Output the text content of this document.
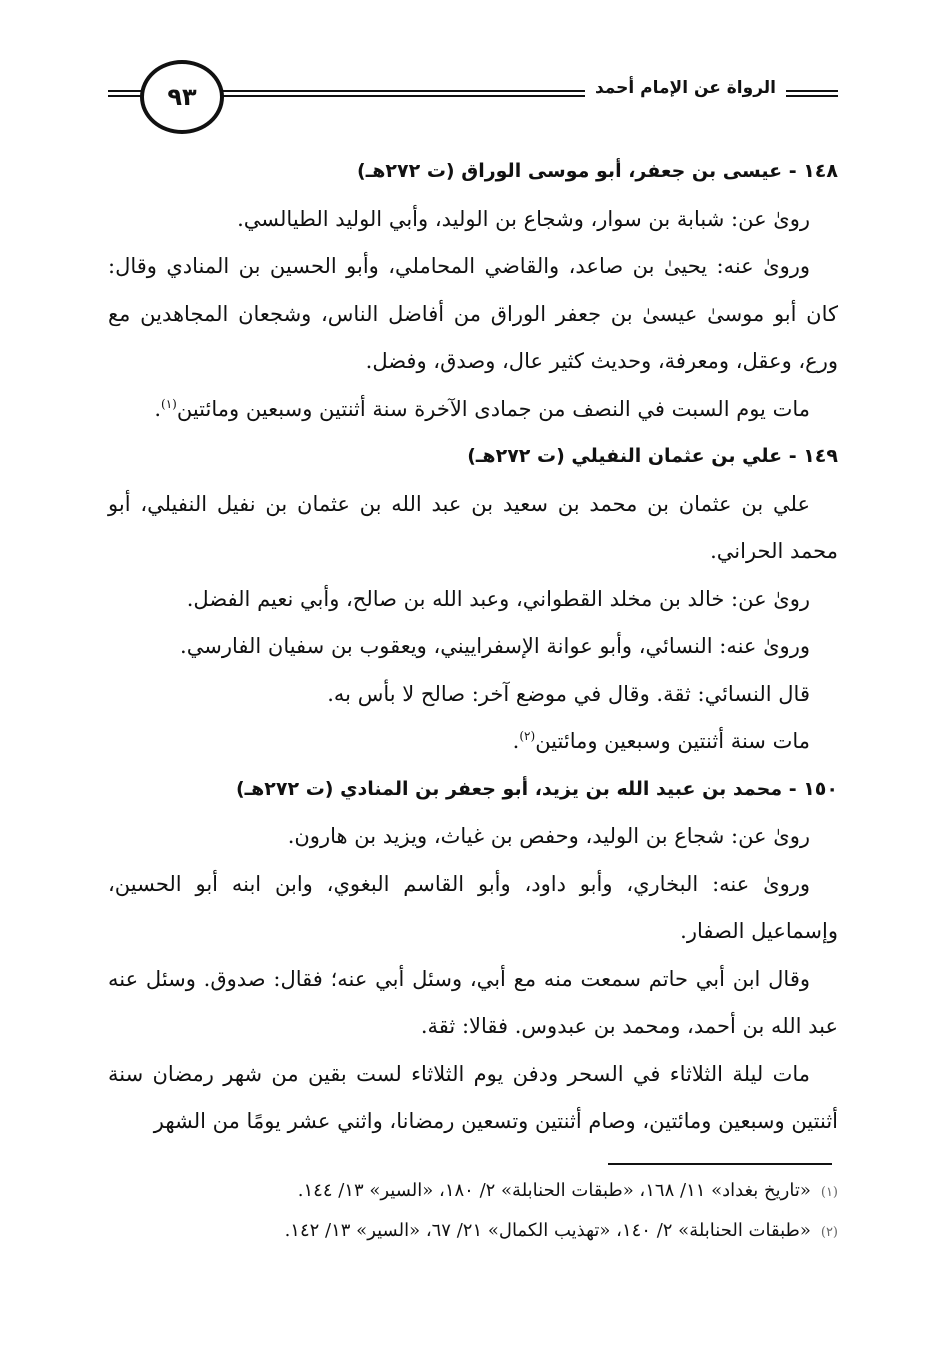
٩٣	الرواة عن الإمام أحمد
١٤٨ - عيسى بن جعفر، أبو موسى الوراق (ت ٢٧٢هـ)

رویٰ عن: شبابة بن سوار، وشجاع بن الوليد، وأبي الوليد الطيالسي.

وروىٰ عنه: يحيىٰ بن صاعد، والقاضي المحاملي، وأبو الحسين بن المنادي وقال: كان أبو موسىٰ عيسىٰ بن جعفر الوراق من أفاضل الناس، وشجعان المجاهدين مع ورع، وعقل، ومعرفة، وحديث كثير عال، وصدق، وفضل.

مات يوم السبت في النصف من جمادى الآخرة سنة أثنتين وسبعين ومائتين$^{(١)}$.

١٤٩ - علي بن عثمان النفيلي (ت ٢٧٢هـ)

علي بن عثمان بن محمد بن سعيد بن عبد الله بن عثمان بن نفيل النفيلي، أبو محمد الحراني.

رویٰ عن: خالد بن مخلد القطواني، وعبد الله بن صالح، وأبي نعيم الفضل.

وروىٰ عنه: النسائي، وأبو عوانة الإسفراييني، ويعقوب بن سفيان الفارسي.

قال النسائي: ثقة. وقال في موضع آخر: صالح لا بأس به.

مات سنة أثنتين وسبعين ومائتين$^{(٢)}$.

١٥٠ - محمد بن عبيد الله بن يزيد، أبو جعفر بن المنادي (ت ٢٧٢هـ)

رویٰ عن: شجاع بن الوليد، وحفص بن غياث، ويزيد بن هارون.

وروىٰ عنه: البخاري، وأبو داود، وأبو القاسم البغوي، وابن ابنه أبو الحسين، وإسماعيل الصفار.

وقال ابن أبي حاتم سمعت منه مع أبي، وسئل أبي عنه؛ فقال: صدوق. وسئل عنه عبد الله بن أحمد، ومحمد بن عبدوس. فقالا: ثقة.

مات ليلة الثلاثاء في السحر ودفن يوم الثلاثاء لست بقين من شهر رمضان سنة أثنتين وسبعين ومائتين، وصام أثنتين وتسعين رمضانا، واثني عشر يومًا من الشهر

(١)«تاريخ بغداد» ١١/ ١٦٨، «طبقات الحنابلة» ٢/ ١٨٠، «السير» ١٣/ ١٤٤.
(٢)«طبقات الحنابلة» ٢/ ١٤٠، «تهذيب الكمال» ٢١/ ٦٧، «السير» ١٣/ ١٤٢.
